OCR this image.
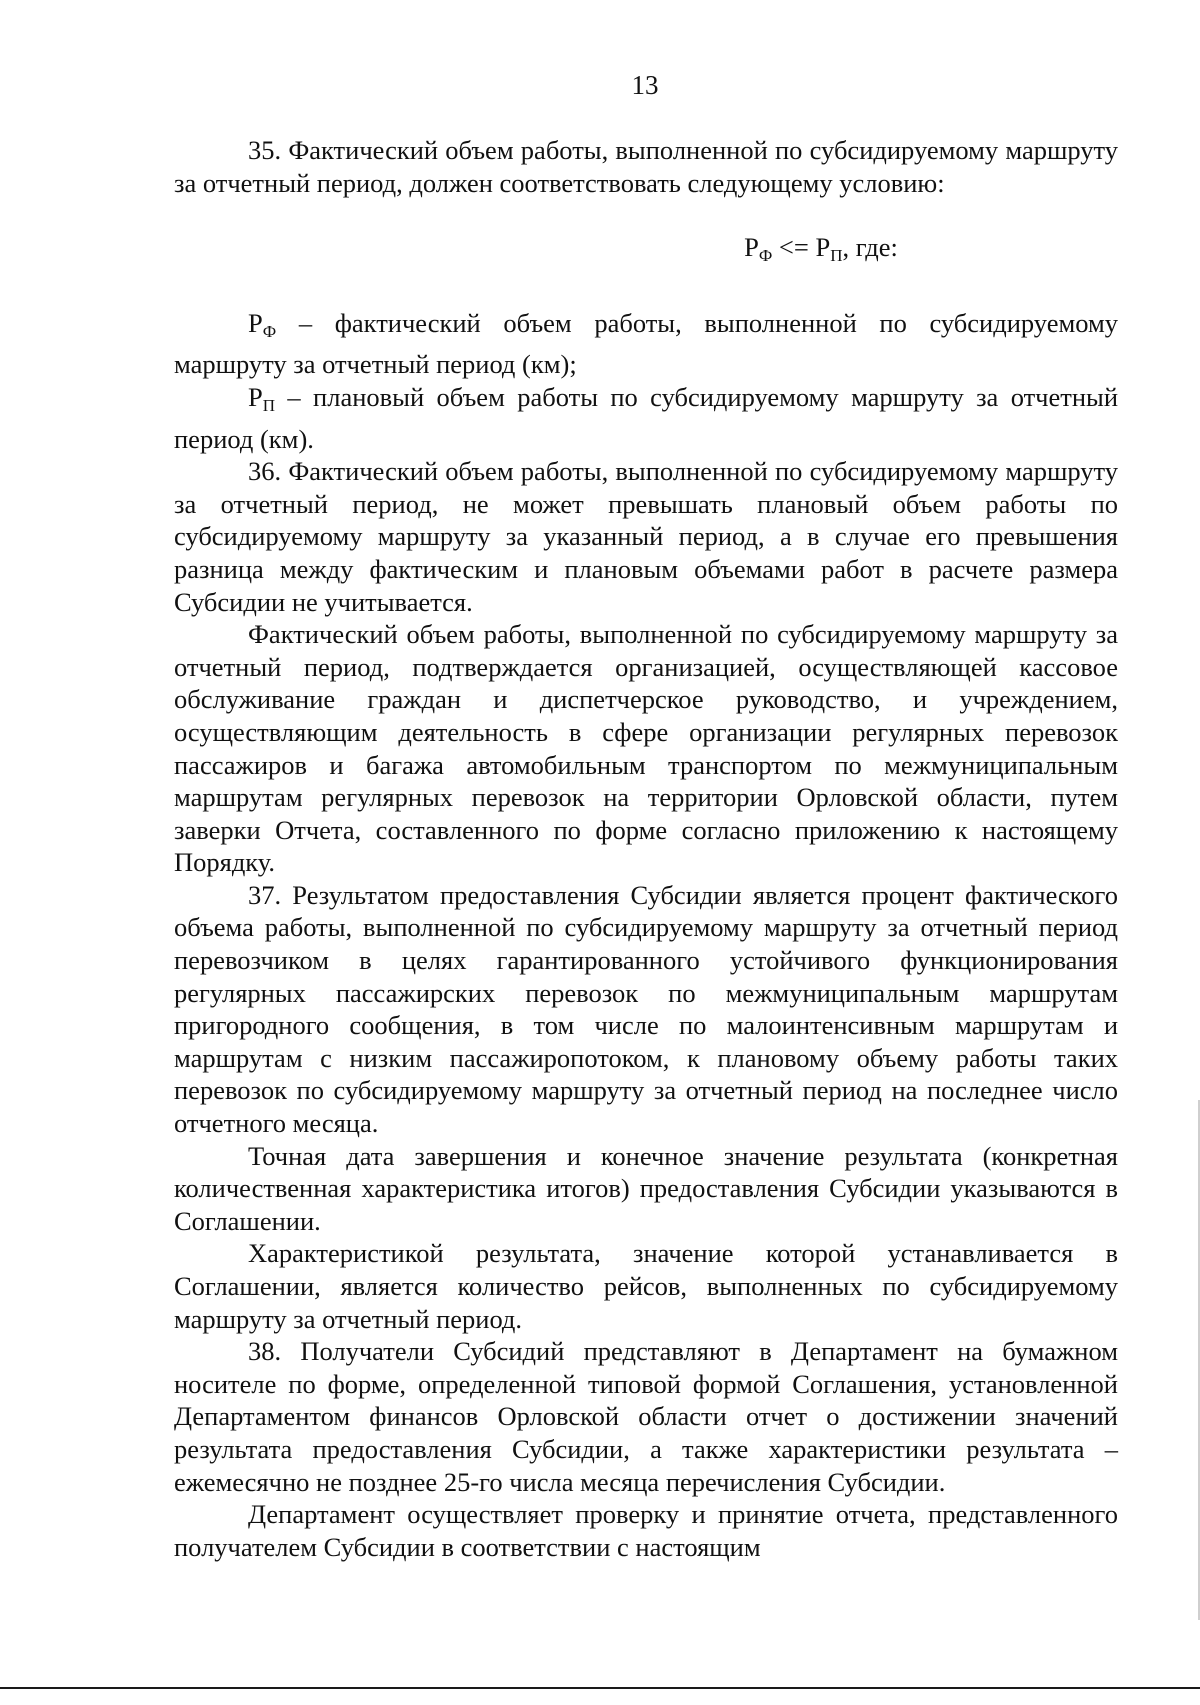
13

35. Фактический объем работы, выполненной по субсидируемому маршруту за отчетный период, должен соответствовать следующему условию:

$Р_Ф <= Р_П$, где:

$Р_Ф$ – фактический объем работы, выполненной по субсидируемому маршруту за отчетный период (км);

$Р_П$ – плановый объем работы по субсидируемому маршруту за отчетный период (км).

36. Фактический объем работы, выполненной по субсидируемому маршруту за отчетный период, не может превышать плановый объем работы по субсидируемому маршруту за указанный период, а в случае его превышения разница между фактическим и плановым объемами работ в расчете размера Субсидии не учитывается.

Фактический объем работы, выполненной по субсидируемому маршруту за отчетный период, подтверждается организацией, осуществляющей кассовое обслуживание граждан и диспетчерское руководство, и учреждением, осуществляющим деятельность в сфере организации регулярных перевозок пассажиров и багажа автомобильным транспортом по межмуниципальным маршрутам регулярных перевозок на территории Орловской области, путем заверки Отчета, составленного по форме согласно приложению к настоящему Порядку.

37. Результатом предоставления Субсидии является процент фактического объема работы, выполненной по субсидируемому маршруту за отчетный период перевозчиком в целях гарантированного устойчивого функционирования регулярных пассажирских перевозок по межмуниципальным маршрутам пригородного сообщения, в том числе по малоинтенсивным маршрутам и маршрутам с низким пассажиропотоком, к плановому объему работы таких перевозок по субсидируемому маршруту за отчетный период на последнее число отчетного месяца.

Точная дата завершения и конечное значение результата (конкретная количественная характеристика итогов) предоставления Субсидии указываются в Соглашении.

Характеристикой результата, значение которой устанавливается в Соглашении, является количество рейсов, выполненных по субсидируемому маршруту за отчетный период.

38. Получатели Субсидий представляют в Департамент на бумажном носителе по форме, определенной типовой формой Соглашения, установленной Департаментом финансов Орловской области отчет о достижении значений результата предоставления Субсидии, а также характеристики результата – ежемесячно не позднее 25-го числа месяца перечисления Субсидии.

Департамент осуществляет проверку и принятие отчета, представленного получателем Субсидии в соответствии с настоящим
